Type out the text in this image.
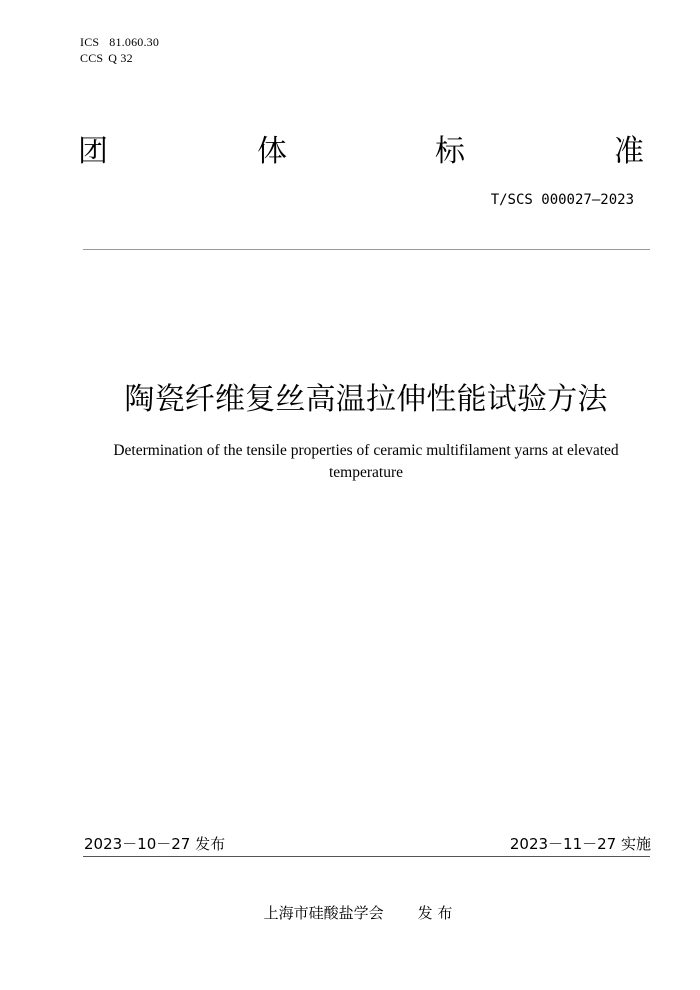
ICS 81.060.30
CCS Q 32
团	体	标	准
T/SCS 000027—2023
陶瓷纤维复丝高温拉伸性能试验方法
Determination of the tensile properties of ceramic multifilament yarns at elevated temperature
2023－10－27 发布	2023－11－27 实施
上海市硅酸盐学会 发 布
